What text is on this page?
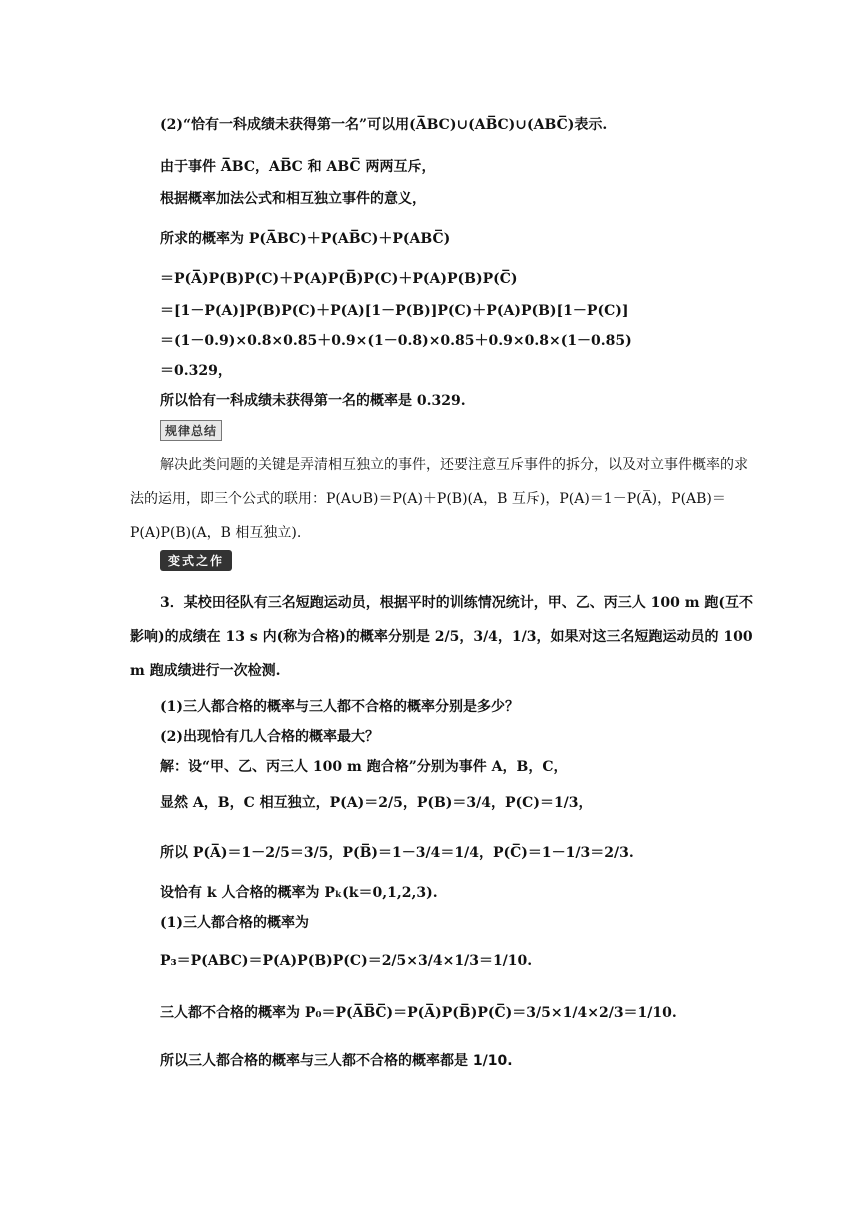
(2)“恰有一科成绩未获得第一名”可以用(A̅BC)∪(AB̅C)∪(ABC̅)表示.
由于事件 A̅BC，AB̅C 和 ABC̅ 两两互斥，
根据概率加法公式和相互独立事件的意义，
所求的概率为 P(A̅BC)＋P(AB̅C)＋P(ABC̅)
＝P(A̅)P(B)P(C)＋P(A)P(B̅)P(C)＋P(A)P(B)P(C̅)
＝[1－P(A)]P(B)P(C)＋P(A)[1－P(B)]P(C)＋P(A)P(B)[1－P(C)]
＝(1－0.9)×0.8×0.85＋0.9×(1－0.8)×0.85＋0.9×0.8×(1－0.85)
＝0.329，
所以恰有一科成绩未获得第一名的概率是 0.329.
规律总结
解决此类问题的关键是弄清相互独立的事件，还要注意互斥事件的拆分，以及对立事件概率的求法的运用，即三个公式的联用：P(A∪B)＝P(A)＋P(B)(A，B 互斥)，P(A)＝1－P(A̅)，P(AB)＝P(A)P(B)(A，B 相互独立).
变式之作
3．某校田径队有三名短跑运动员，根据平时的训练情况统计，甲、乙、丙三人 100 m 跑(互不影响)的成绩在 13 s 内(称为合格)的概率分别是 2/5，3/4，1/3，如果对这三名短跑运动员的 100 m 跑成绩进行一次检测.
(1)三人都合格的概率与三人都不合格的概率分别是多少？
(2)出现恰有几人合格的概率最大？
解：设“甲、乙、丙三人 100 m 跑合格”分别为事件 A，B，C，
显然 A，B，C 相互独立，P(A)＝2/5，P(B)＝3/4，P(C)＝1/3，
所以 P(A̅)＝1－2/5＝3/5，P(B̅)＝1－3/4＝1/4，P(C̅)＝1－1/3＝2/3.
设恰有 k 人合格的概率为 Pₖ(k＝0,1,2,3).
(1)三人都合格的概率为
P₃＝P(ABC)＝P(A)P(B)P(C)＝2/5×3/4×1/3＝1/10.
三人都不合格的概率为 P₀＝P(A̅B̅C̅)＝P(A̅)P(B̅)P(C̅)＝3/5×1/4×2/3＝1/10.
所以三人都合格的概率与三人都不合格的概率都是 1/10.
